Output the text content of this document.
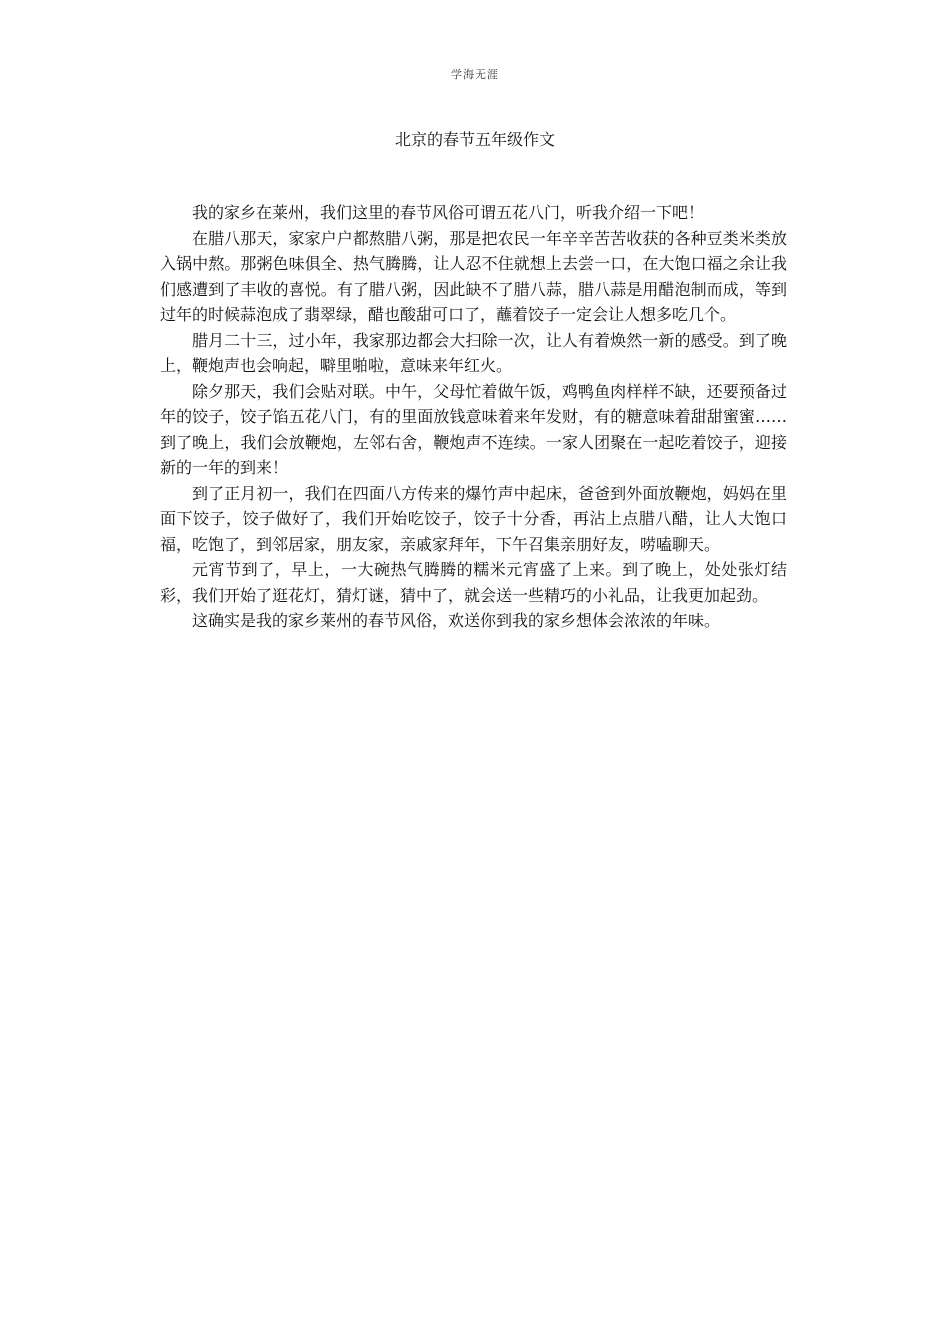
学海无涯
北京的春节五年级作文

我的家乡在莱州，我们这里的春节风俗可谓五花八门，听我介绍一下吧！

在腊八那天，家家户户都熬腊八粥，那是把农民一年辛辛苦苦收获的各种豆类米类放入锅中熬。那粥色味俱全、热气腾腾，让人忍不住就想上去尝一口，在大饱口福之余让我们感遭到了丰收的喜悦。有了腊八粥，因此缺不了腊八蒜，腊八蒜是用醋泡制而成，等到过年的时候蒜泡成了翡翠绿，醋也酸甜可口了，蘸着饺子一定会让人想多吃几个。

腊月二十三，过小年，我家那边都会大扫除一次，让人有着焕然一新的感受。到了晚上，鞭炮声也会响起，噼里啪啦，意味来年红火。

除夕那天，我们会贴对联。中午，父母忙着做午饭，鸡鸭鱼肉样样不缺，还要预备过年的饺子，饺子馅五花八门，有的里面放钱意味着来年发财，有的糖意味着甜甜蜜蜜……到了晚上，我们会放鞭炮，左邻右舍，鞭炮声不连续。一家人团聚在一起吃着饺子，迎接新的一年的到来！

到了正月初一，我们在四面八方传来的爆竹声中起床，爸爸到外面放鞭炮，妈妈在里面下饺子，饺子做好了，我们开始吃饺子，饺子十分香，再沾上点腊八醋，让人大饱口福，吃饱了，到邻居家，朋友家，亲戚家拜年，下午召集亲朋好友，唠嗑聊天。

元宵节到了，早上，一大碗热气腾腾的糯米元宵盛了上来。到了晚上，处处张灯结彩，我们开始了逛花灯，猜灯谜，猜中了，就会送一些精巧的小礼品，让我更加起劲。

这确实是我的家乡莱州的春节风俗，欢送你到我的家乡想体会浓浓的年味。
